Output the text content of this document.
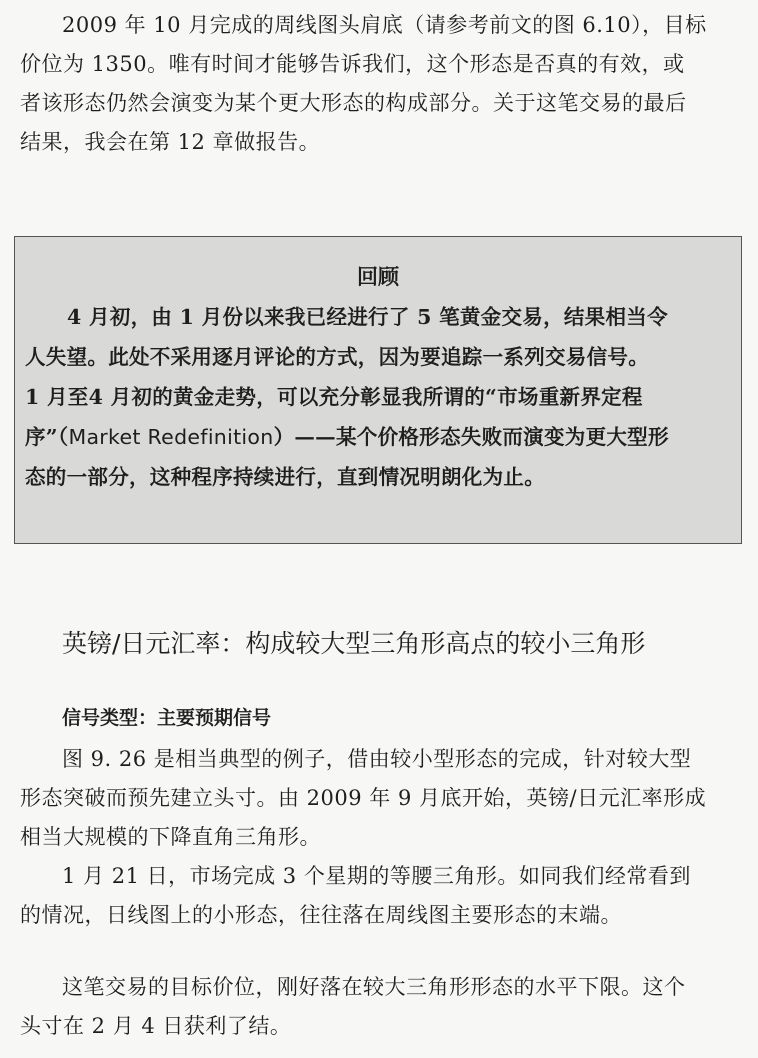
2009 年 10 月完成的周线图头肩底（请参考前文的图 6.10），目标
价位为 1350。唯有时间才能够告诉我们，这个形态是否真的有效，或
者该形态仍然会演变为某个更大形态的构成部分。关于这笔交易的最后
结果，我会在第 12 章做报告。

回顾
4 月初，由 1 月份以来我已经进行了 5 笔黄金交易，结果相当令
人失望。此处不采用逐月评论的方式，因为要追踪一系列交易信号。
1 月至4 月初的黄金走势，可以充分彰显我所谓的“市场重新界定程
序”（Market Redefinition）——某个价格形态失败而演变为更大型形
态的一部分，这种程序持续进行，直到情况明朗化为止。
英镑/日元汇率：构成较大型三角形高点的较小三角形
信号类型：主要预期信号

图 9. 26 是相当典型的例子，借由较小型形态的完成，针对较大型
形态突破而预先建立头寸。由 2009 年 9 月底开始，英镑/日元汇率形成
相当大规模的下降直角三角形。

1 月 21 日，市场完成 3 个星期的等腰三角形。如同我们经常看到
的情况，日线图上的小形态，往往落在周线图主要形态的末端。

这笔交易的目标价位，刚好落在较大三角形形态的水平下限。这个
头寸在 2 月 4 日获利了结。
